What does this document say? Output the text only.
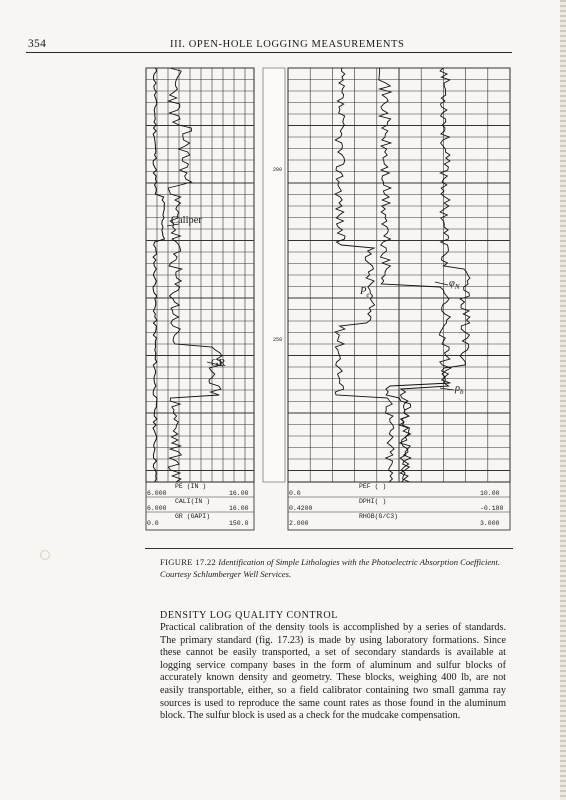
354	III. OPEN-HOLE LOGGING MEASUREMENTS
Caliper
GR
$P_e$
$\varphi_N$
$\rho_b$
200
250
PE (IN )
6.000	16.00
CALI(IN )
6.000	16.00
GR (GAPI)
0.0	150.0
PEF ( )
0.0	10.00
DPHI( )
0.4200	-0.180
RHOB(G/C3)
2.000	3.000
FIGURE 17.22 Identification of Simple Lithologies with the Photoelectric Absorption Coefficient. Courtesy Schlumberger Well Services.
DENSITY LOG QUALITY CONTROL
Practical calibration of the density tools is accomplished by a series of standards. The primary standard (fig. 17.23) is made by using laboratory formations. Since these cannot be easily transported, a set of secondary standards is available at logging service company bases in the form of aluminum and sulfur blocks of accurately known density and geometry. These blocks, weighing 400 lb, are not easily transportable, either, so a field calibrator containing two small gamma ray sources is used to reproduce the same count rates as those found in the aluminum block. The sulfur block is used as a check for the mudcake compensation.
